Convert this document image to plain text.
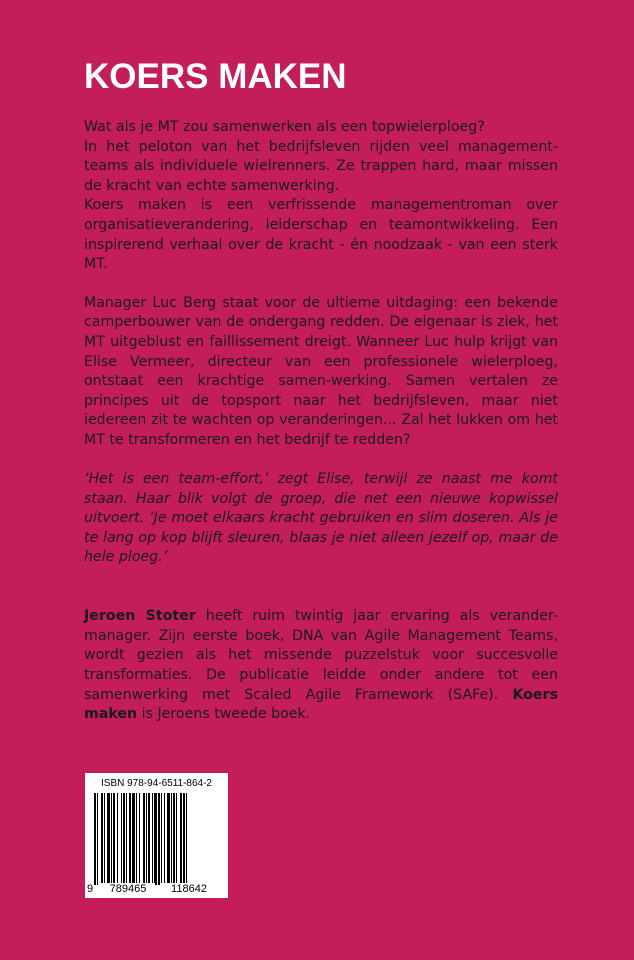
KOERS MAKEN

Wat als je MT zou samenwerken als een topwielerploeg?

In het peloton van het bedrijfsleven rijden veel management-teams als individuele wielrenners. Ze trappen hard, maar missen de kracht van echte samenwerking.

Koers maken is een verfrissende managementroman over organisatieverandering, leiderschap en teamontwikkeling. Een inspirerend verhaal over de kracht - én noodzaak - van een sterk MT.

Manager Luc Berg staat voor de ultieme uitdaging: een bekende camperbouwer van de ondergang redden. De eigenaar is ziek, het MT uitgeblust en faillissement dreigt. Wanneer Luc hulp krijgt van Elise Vermeer, directeur van een professionele wielerploeg, ontstaat een krachtige samen-werking. Samen vertalen ze principes uit de topsport naar het bedrijfsleven, maar niet iedereen zit te wachten op veranderingen... Zal het lukken om het MT te transformeren en het bedrijf te redden?

‘Het is een team-effort,’ zegt Elise, terwijl ze naast me komt staan. Haar blik volgt de groep, die net een nieuwe kopwissel uitvoert. ‘Je moet elkaars kracht gebruiken en slim doseren. Als je te lang op kop blijft sleuren, blaas je niet alleen jezelf op, maar de hele ploeg.’

Jeroen Stoter heeft ruim twintig jaar ervaring als verander-manager. Zijn eerste boek, DNA van Agile Management Teams, wordt gezien als het missende puzzelstuk voor succesvolle transformaties. De publicatie leidde onder andere tot een samenwerking met Scaled Agile Framework (SAFe). Koers maken is Jeroens tweede boek.

ISBN 978-94-6511-864-2
9	789465	118642
